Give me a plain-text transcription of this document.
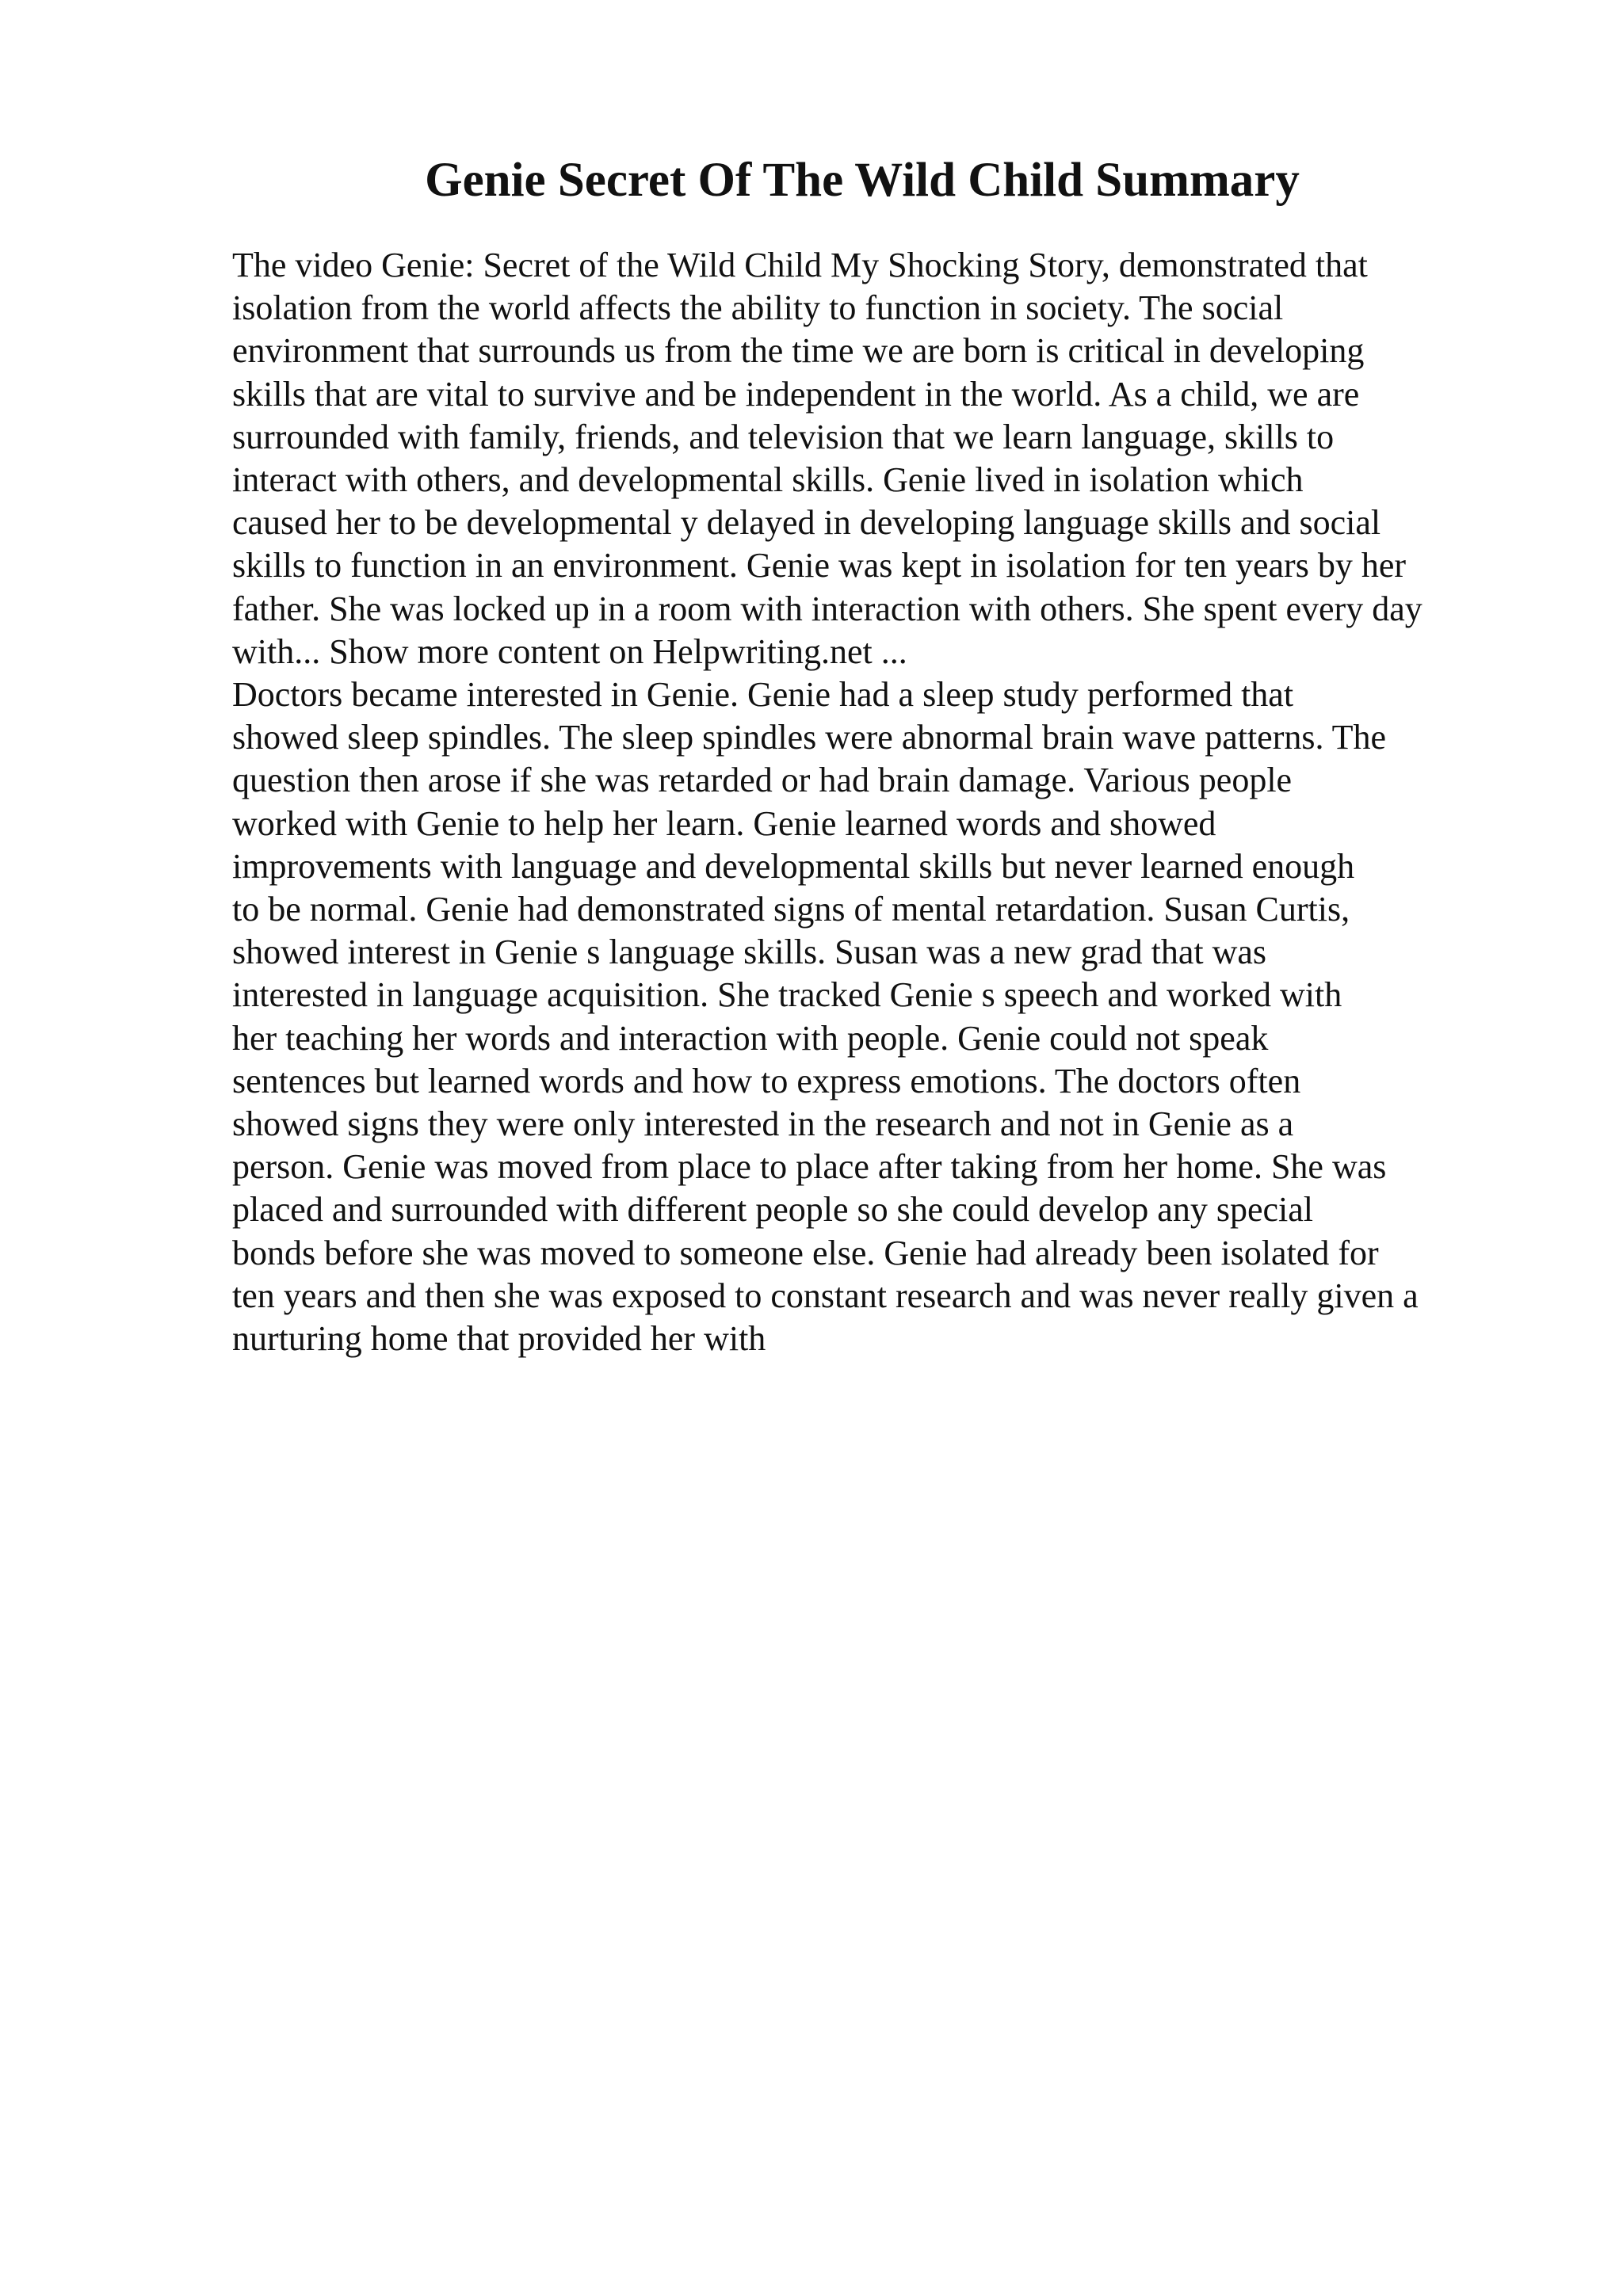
Genie Secret Of The Wild Child Summary
The video Genie: Secret of the Wild Child My Shocking Story, demonstrated that
isolation from the world affects the ability to function in society. The social
environment that surrounds us from the time we are born is critical in developing
skills that are vital to survive and be independent in the world. As a child, we are
surrounded with family, friends, and television that we learn language, skills to
interact with others, and developmental skills. Genie lived in isolation which
caused her to be developmental y delayed in developing language skills and social
skills to function in an environment. Genie was kept in isolation for ten years by her
father. She was locked up in a room with interaction with others. She spent every day
with... Show more content on Helpwriting.net ...
Doctors became interested in Genie. Genie had a sleep study performed that
showed sleep spindles. The sleep spindles were abnormal brain wave patterns. The
question then arose if she was retarded or had brain damage. Various people
worked with Genie to help her learn. Genie learned words and showed
improvements with language and developmental skills but never learned enough
to be normal. Genie had demonstrated signs of mental retardation. Susan Curtis,
showed interest in Genie s language skills. Susan was a new grad that was
interested in language acquisition. She tracked Genie s speech and worked with
her teaching her words and interaction with people. Genie could not speak
sentences but learned words and how to express emotions. The doctors often
showed signs they were only interested in the research and not in Genie as a
person. Genie was moved from place to place after taking from her home. She was
placed and surrounded with different people so she could develop any special
bonds before she was moved to someone else. Genie had already been isolated for
ten years and then she was exposed to constant research and was never really given a
nurturing home that provided her with
